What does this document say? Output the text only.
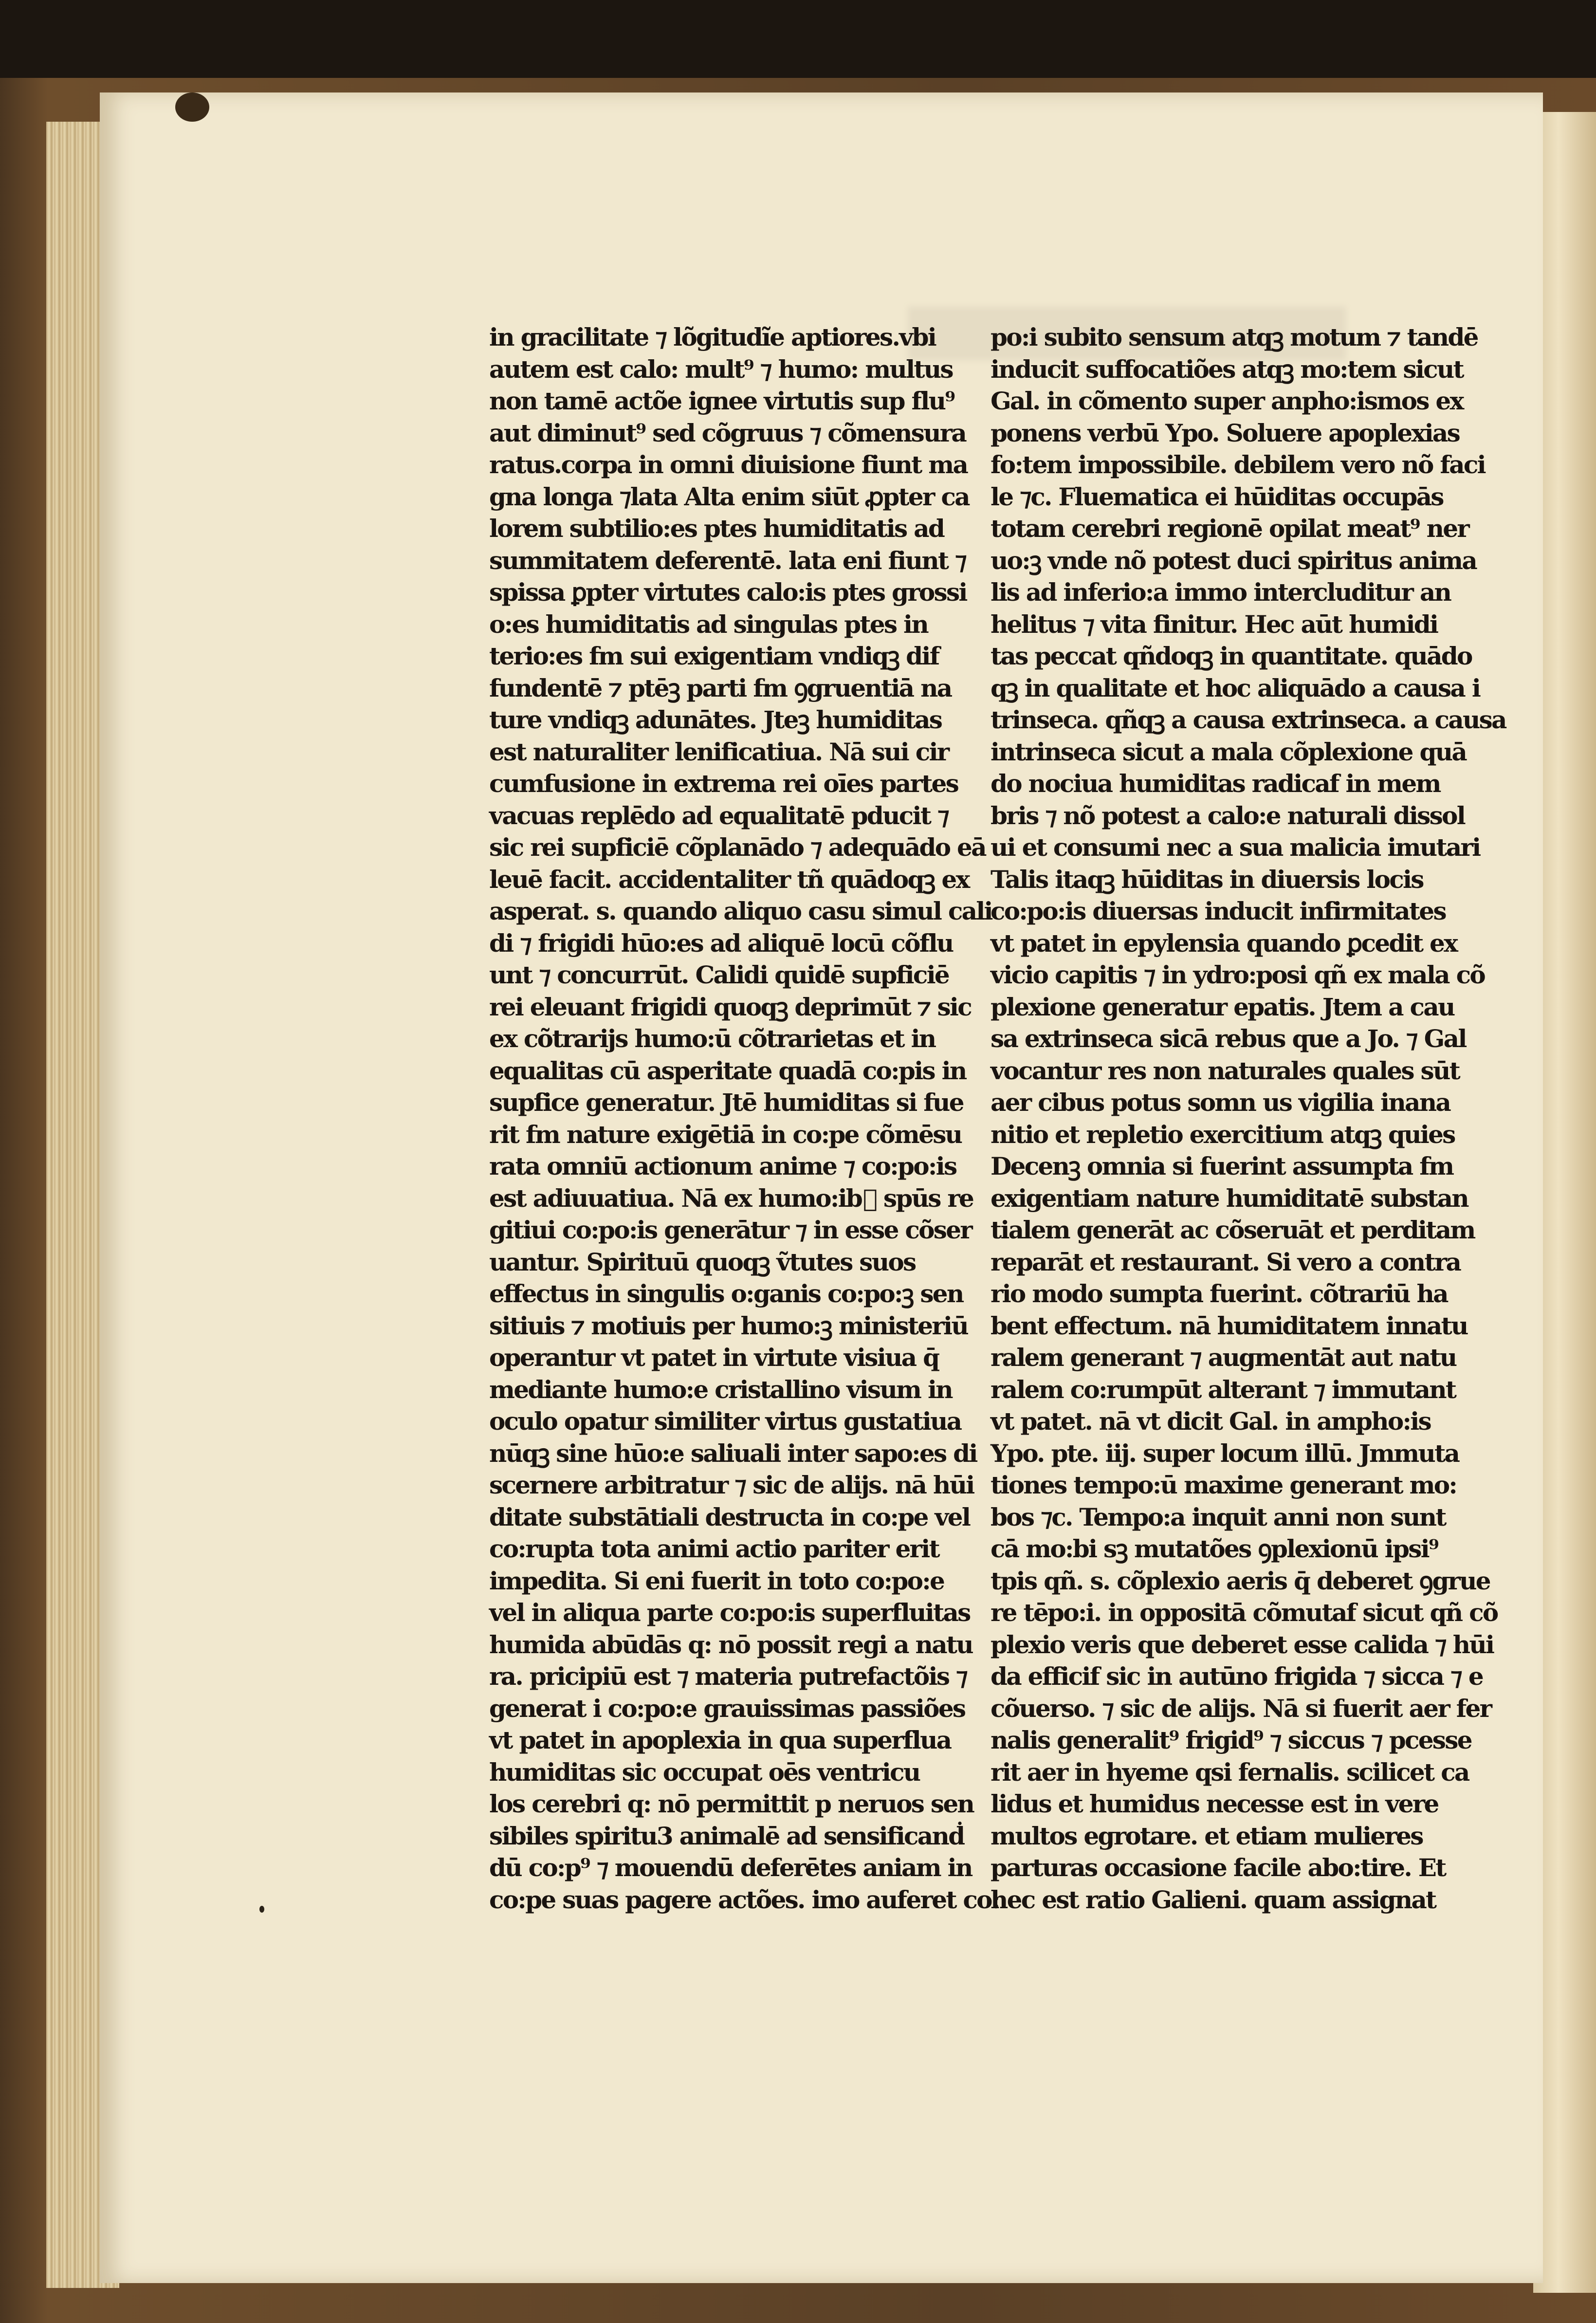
in gracilitate ⁊ lõgitudĩe aptiores.vbi
autem est calo: mult⁹ ⁊ humo: multus
non tamē actõe ignee virtutis sup flu⁹
aut diminut⁹ sed cõgruus ⁊ cõmensura
ratus.corpa in omni diuisione fiunt ma
gna longa ⁊lata Alta enim siūt ꝓpter ca
lorem subtilio:es ptes humiditatis ad
summitatem deferentē. lata eni fiunt ⁊
spissa ꝑpter virtutes calo:is ptes grossi
o:es humiditatis ad singulas ptes in
terio:es fm sui exigentiam vndiqꝫ dif
fundentē ⁊ ptēꝫ parti fm ꝯgruentiā na
ture vndiqꝫ adunātes. Jteꝫ humiditas
est naturaliter lenificatiua. Nā sui cir
cumfusione in extrema rei oīes partes
vacuas replēdo ad equalitatē pducit ⁊
sic rei supficiē cõplanādo ⁊ adequādo eā
leuē facit. accidentaliter tñ quādoqꝫ ex
asperat. s. quando aliquo casu simul cali
di ⁊ frigidi hūo:es ad aliquē locū cõflu
unt ⁊ concurrūt. Calidi quidē supficiē
rei eleuant frigidi quoqꝫ deprimūt ⁊ sic
ex cõtrarijs humo:ū cõtrarietas et in
equalitas cū asperitate quadā co:pis in
supfice generatur. Jtē humiditas si fue
rit fm nature exigētiā in co:pe cõmēsu
rata omniū actionum anime ⁊ co:po:is
est adiuuatiua. Nā ex humo:ib᷒ spūs re
gitiui co:po:is generātur ⁊ in esse cõser
uantur. Spirituū quoqꝫ ṽtutes suos
effectus in singulis o:ganis co:po:ꝫ sen
sitiuis ⁊ motiuis per humo:ꝫ ministeriū
operantur vt patet in virtute visiua q̄
mediante humo:e cristallino visum in
oculo opatur similiter virtus gustatiua
nūqꝫ sine hūo:e saliuali inter sapo:es di
scernere arbitratur ⁊ sic de alijs. nā hūi
ditate substātiali destructa in co:pe vel
co:rupta tota animi actio pariter erit
impedita. Si eni fuerit in toto co:po:e
vel in aliqua parte co:po:is superfluitas
humida abūdās q: nō possit regi a natu
ra. pricipiū est ⁊ materia putrefactõis ⁊
generat i co:po:e grauissimas passiões
vt patet in apoplexia in qua superflua
humiditas sic occupat oēs ventricu
los cerebri q: nō permittit p neruos sen
sibiles spiritu3 animalē ad sensificanḋ
dū co:p⁹ ⁊ mouendū deferētes aniam in
co:pe suas pagere actões. imo auferet co:
po:i subito sensum atqꝫ motum ⁊ tandē
inducit suffocatiões atqꝫ mo:tem sicut
Gal. in cõmento super anpho:ismos ex
ponens verbū Ypo. Soluere apoplexias
fo:tem impossibile. debilem vero nõ faci
le ⁊c. Fluematica ei hūiditas occupās
totam cerebri regionē opilat meat⁹ ner
uo:ꝫ vnde nõ potest duci spiritus anima
lis ad inferio:a immo intercluditur an
helitus ⁊ vita finitur. Hec aūt humidi
tas peccat qñdoqꝫ in quantitate. quādo
qꝫ in qualitate et hoc aliquādo a causa i
trinseca. qñqꝫ a causa extrinseca. a causa
intrinseca sicut a mala cõplexione quā
do nociua humiditas radicaf in mem
bris ⁊ nõ potest a calo:e naturali dissol
ui et consumi nec a sua malicia imutari
Talis itaqꝫ hūiditas in diuersis locis
co:po:is diuersas inducit infirmitates
vt patet in epylensia quando ꝑcedit ex
vicio capitis ⁊ in ydro:posi qñ ex mala cõ
plexione generatur epatis. Jtem a cau
sa extrinseca sicā rebus que a Jo. ⁊ Gal
vocantur res non naturales quales sūt
aer cibus potus somn us vigilia inana
nitio et repletio exercitium atqꝫ quies
Decenꝫ omnia si fuerint assumpta fm
exigentiam nature humiditatē substan
tialem generāt ac cõseruāt et perditam
reparāt et restaurant. Si vero a contra
rio modo sumpta fuerint. cõtrariū ha
bent effectum. nā humiditatem innatu
ralem generant ⁊ augmentāt aut natu
ralem co:rumpūt alterant ⁊ immutant
vt patet. nā vt dicit Gal. in ampho:is
Ypo. pte. iij. super locum illū. Jmmuta
tiones tempo:ū maxime generant mo:
bos ⁊c. Tempo:a inquit anni non sunt
cā mo:bi sꝫ mutatões ꝯplexionū ipsi⁹
tpis qñ. s. cõplexio aeris q̄ deberet ꝯgrue
re tēpo:i. in oppositā cõmutaf sicut qñ cõ
plexio veris que deberet esse calida ⁊ hūi
da efficif sic in autūno frigida ⁊ sicca ⁊ e
cõuerso. ⁊ sic de alijs. Nā si fuerit aer fer
nalis generalit⁹ frigid⁹ ⁊ siccus ⁊ pcesse
rit aer in hyeme qsi fernalis. scilicet ca
lidus et humidus necesse est in vere
multos egrotare. et etiam mulieres
parturas occasione facile abo:tire. Et
hec est ratio Galieni. quam assignat
